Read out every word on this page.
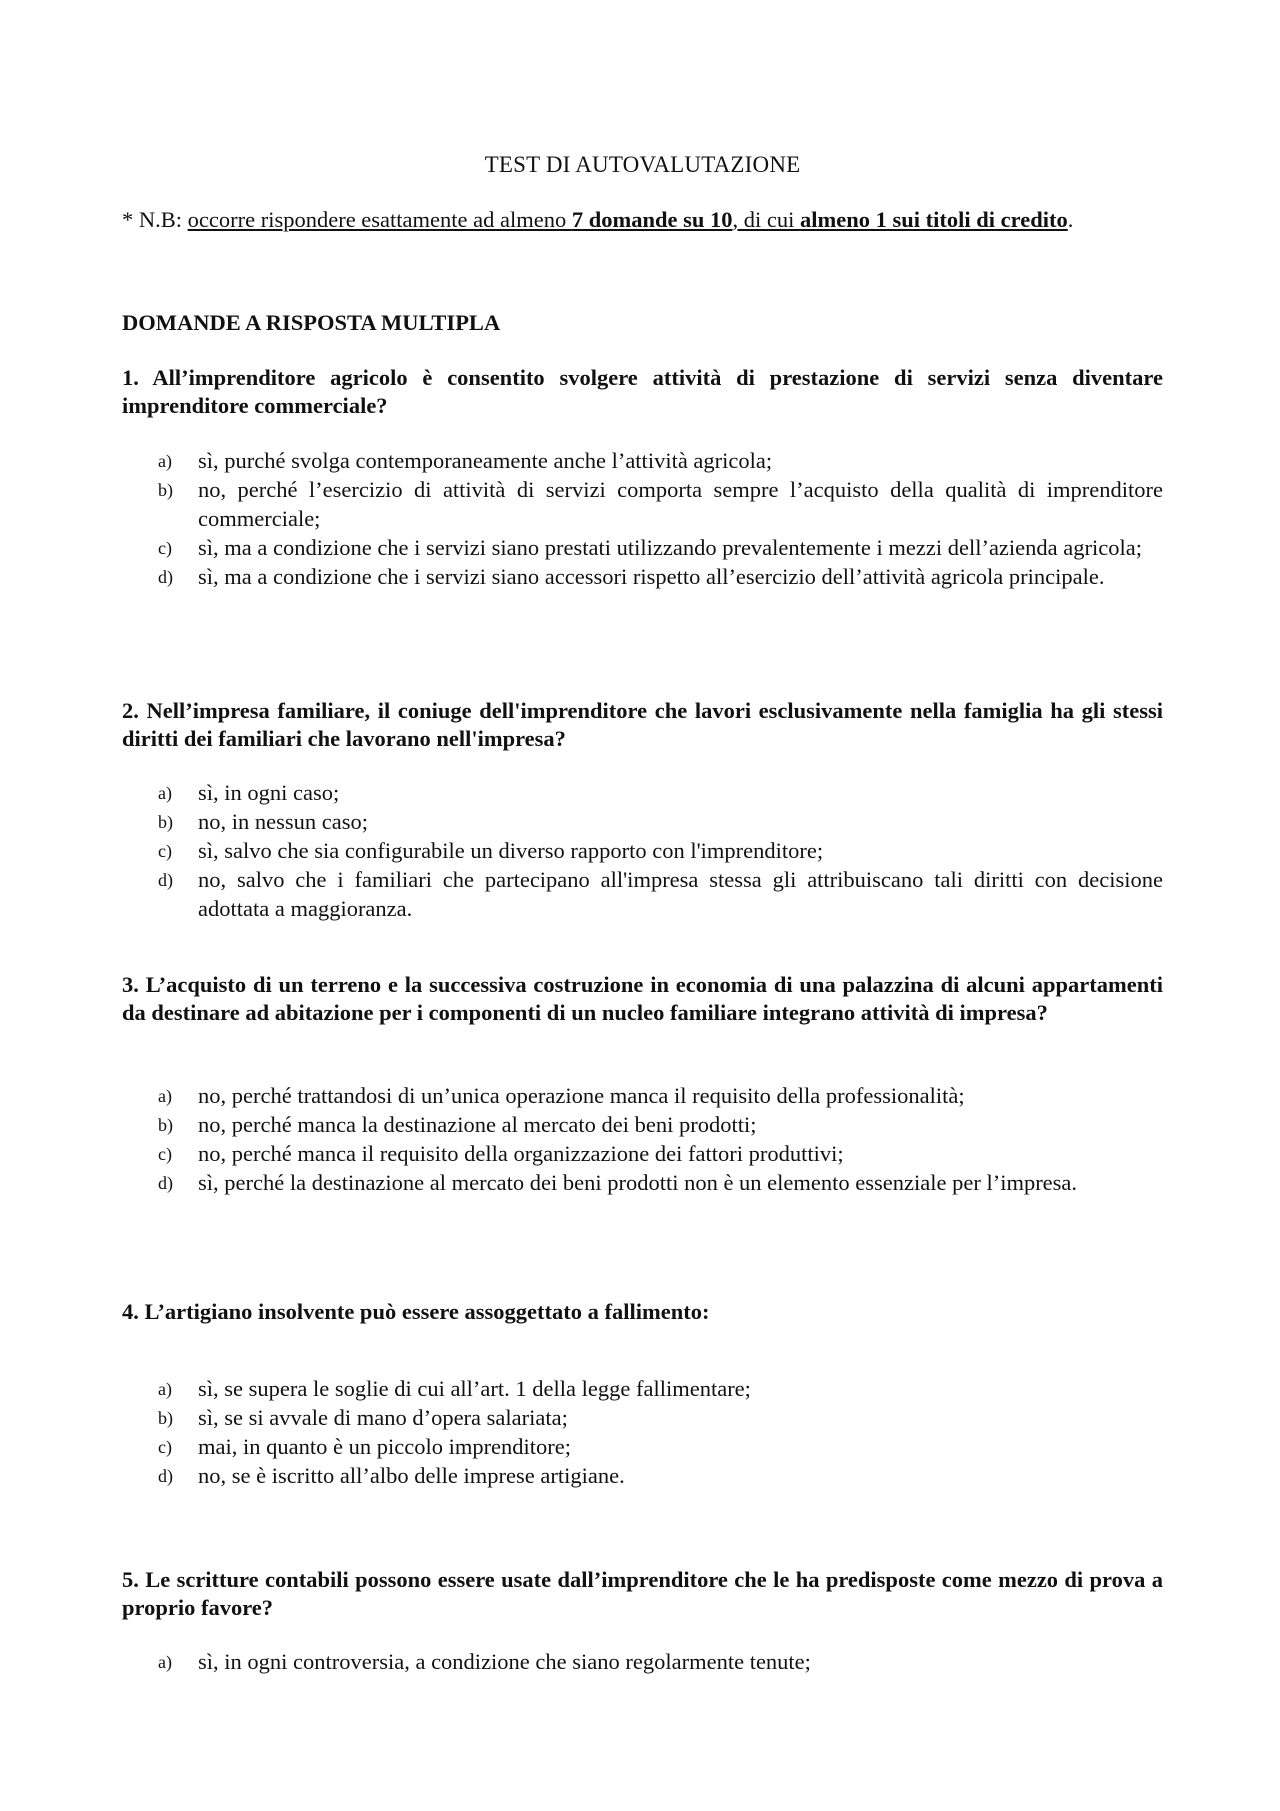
TEST DI AUTOVALUTAZIONE
* N.B: occorre rispondere esattamente ad almeno 7 domande su 10, di cui almeno 1 sui titoli di credito.
DOMANDE A RISPOSTA MULTIPLA
1. All’imprenditore agricolo è consentito svolgere attività di prestazione di servizi senza diventare imprenditore commerciale?
a) sì, purché svolga contemporaneamente anche l’attività agricola;
b) no, perché l’esercizio di attività di servizi comporta sempre l’acquisto della qualità di imprenditore commerciale;
c) sì, ma a condizione che i servizi siano prestati utilizzando prevalentemente i mezzi dell’azienda agricola;
d) sì, ma a condizione che i servizi siano accessori rispetto all’esercizio dell’attività agricola principale.
2. Nell’impresa familiare, il coniuge dell'imprenditore che lavori esclusivamente nella famiglia ha gli stessi diritti dei familiari che lavorano nell'impresa?
a) sì, in ogni caso;
b) no, in nessun caso;
c) sì, salvo che sia configurabile un diverso rapporto con l'imprenditore;
d) no, salvo che i familiari che partecipano all'impresa stessa gli attribuiscano tali diritti con decisione adottata a maggioranza.
3. L’acquisto di un terreno e la successiva costruzione in economia di una palazzina di alcuni appartamenti da destinare ad abitazione per i componenti di un nucleo familiare integrano attività di impresa?
a) no, perché trattandosi di un’unica operazione manca il requisito della professionalità;
b) no, perché manca la destinazione al mercato dei beni prodotti;
c) no, perché manca il requisito della organizzazione dei fattori produttivi;
d) sì, perché la destinazione al mercato dei beni prodotti non è un elemento essenziale per l’impresa.
4. L’artigiano insolvente può essere assoggettato a fallimento:
a) sì, se supera le soglie di cui all’art. 1 della legge fallimentare;
b) sì, se si avvale di mano d’opera salariata;
c) mai, in quanto è un piccolo imprenditore;
d) no, se è iscritto all’albo delle imprese artigiane.
5. Le scritture contabili possono essere usate dall’imprenditore che le ha predisposte come mezzo di prova a proprio favore?
a) sì, in ogni controversia, a condizione che siano regolarmente tenute;
